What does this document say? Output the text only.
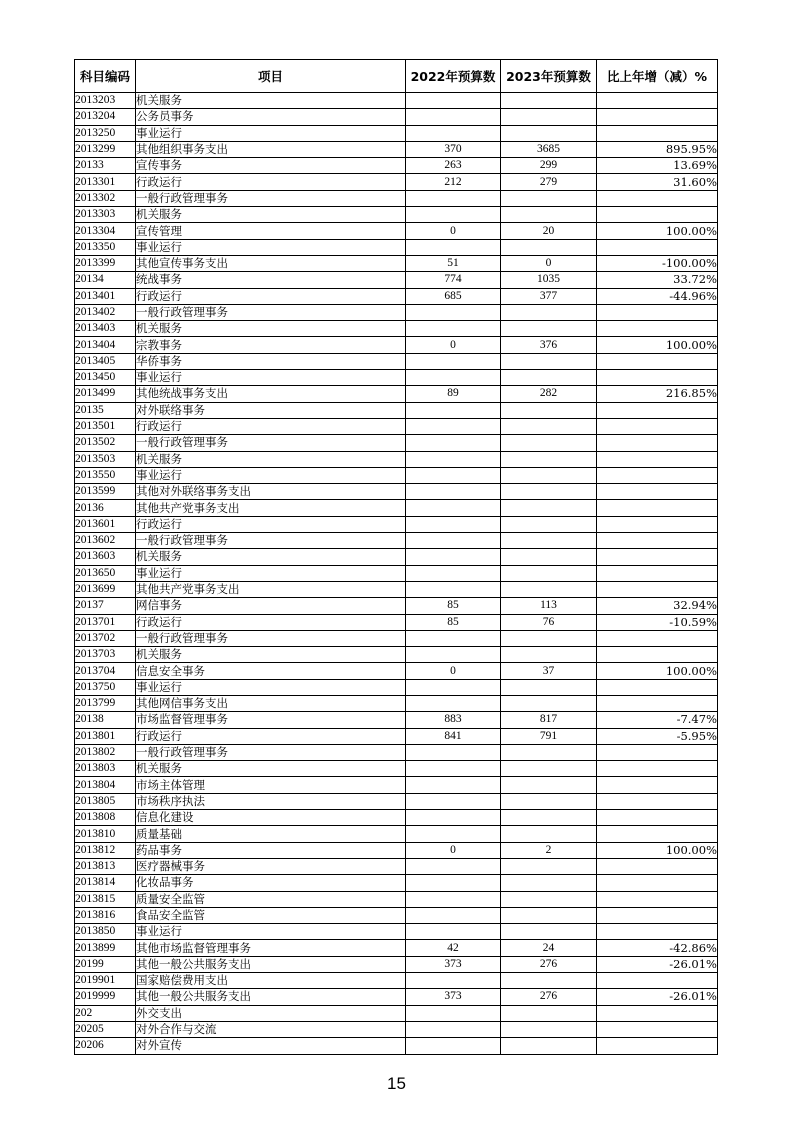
科目编码	项目	2022年预算数	2023年预算数	比上年增（减）%
2013203	机关服务			
2013204	公务员事务			
2013250	事业运行			
2013299	其他组织事务支出	370	3685	895.95%
20133	宣传事务	263	299	13.69%
2013301	行政运行	212	279	31.60%
2013302	一般行政管理事务			
2013303	机关服务			
2013304	宣传管理	0	20	100.00%
2013350	事业运行			
2013399	其他宣传事务支出	51	0	-100.00%
20134	统战事务	774	1035	33.72%
2013401	行政运行	685	377	-44.96%
2013402	一般行政管理事务			
2013403	机关服务			
2013404	宗教事务	0	376	100.00%
2013405	华侨事务			
2013450	事业运行			
2013499	其他统战事务支出	89	282	216.85%
20135	对外联络事务			
2013501	行政运行			
2013502	一般行政管理事务			
2013503	机关服务			
2013550	事业运行			
2013599	其他对外联络事务支出			
20136	其他共产党事务支出			
2013601	行政运行			
2013602	一般行政管理事务			
2013603	机关服务			
2013650	事业运行			
2013699	其他共产党事务支出			
20137	网信事务	85	113	32.94%
2013701	行政运行	85	76	-10.59%
2013702	一般行政管理事务			
2013703	机关服务			
2013704	信息安全事务	0	37	100.00%
2013750	事业运行			
2013799	其他网信事务支出			
20138	市场监督管理事务	883	817	-7.47%
2013801	行政运行	841	791	-5.95%
2013802	一般行政管理事务			
2013803	机关服务			
2013804	市场主体管理			
2013805	市场秩序执法			
2013808	信息化建设			
2013810	质量基础			
2013812	药品事务	0	2	100.00%
2013813	医疗器械事务			
2013814	化妆品事务			
2013815	质量安全监管			
2013816	食品安全监管			
2013850	事业运行			
2013899	其他市场监督管理事务	42	24	-42.86%
20199	其他一般公共服务支出	373	276	-26.01%
2019901	国家赔偿费用支出			
2019999	其他一般公共服务支出	373	276	-26.01%
202	外交支出			
20205	对外合作与交流			
20206	对外宣传			
15
